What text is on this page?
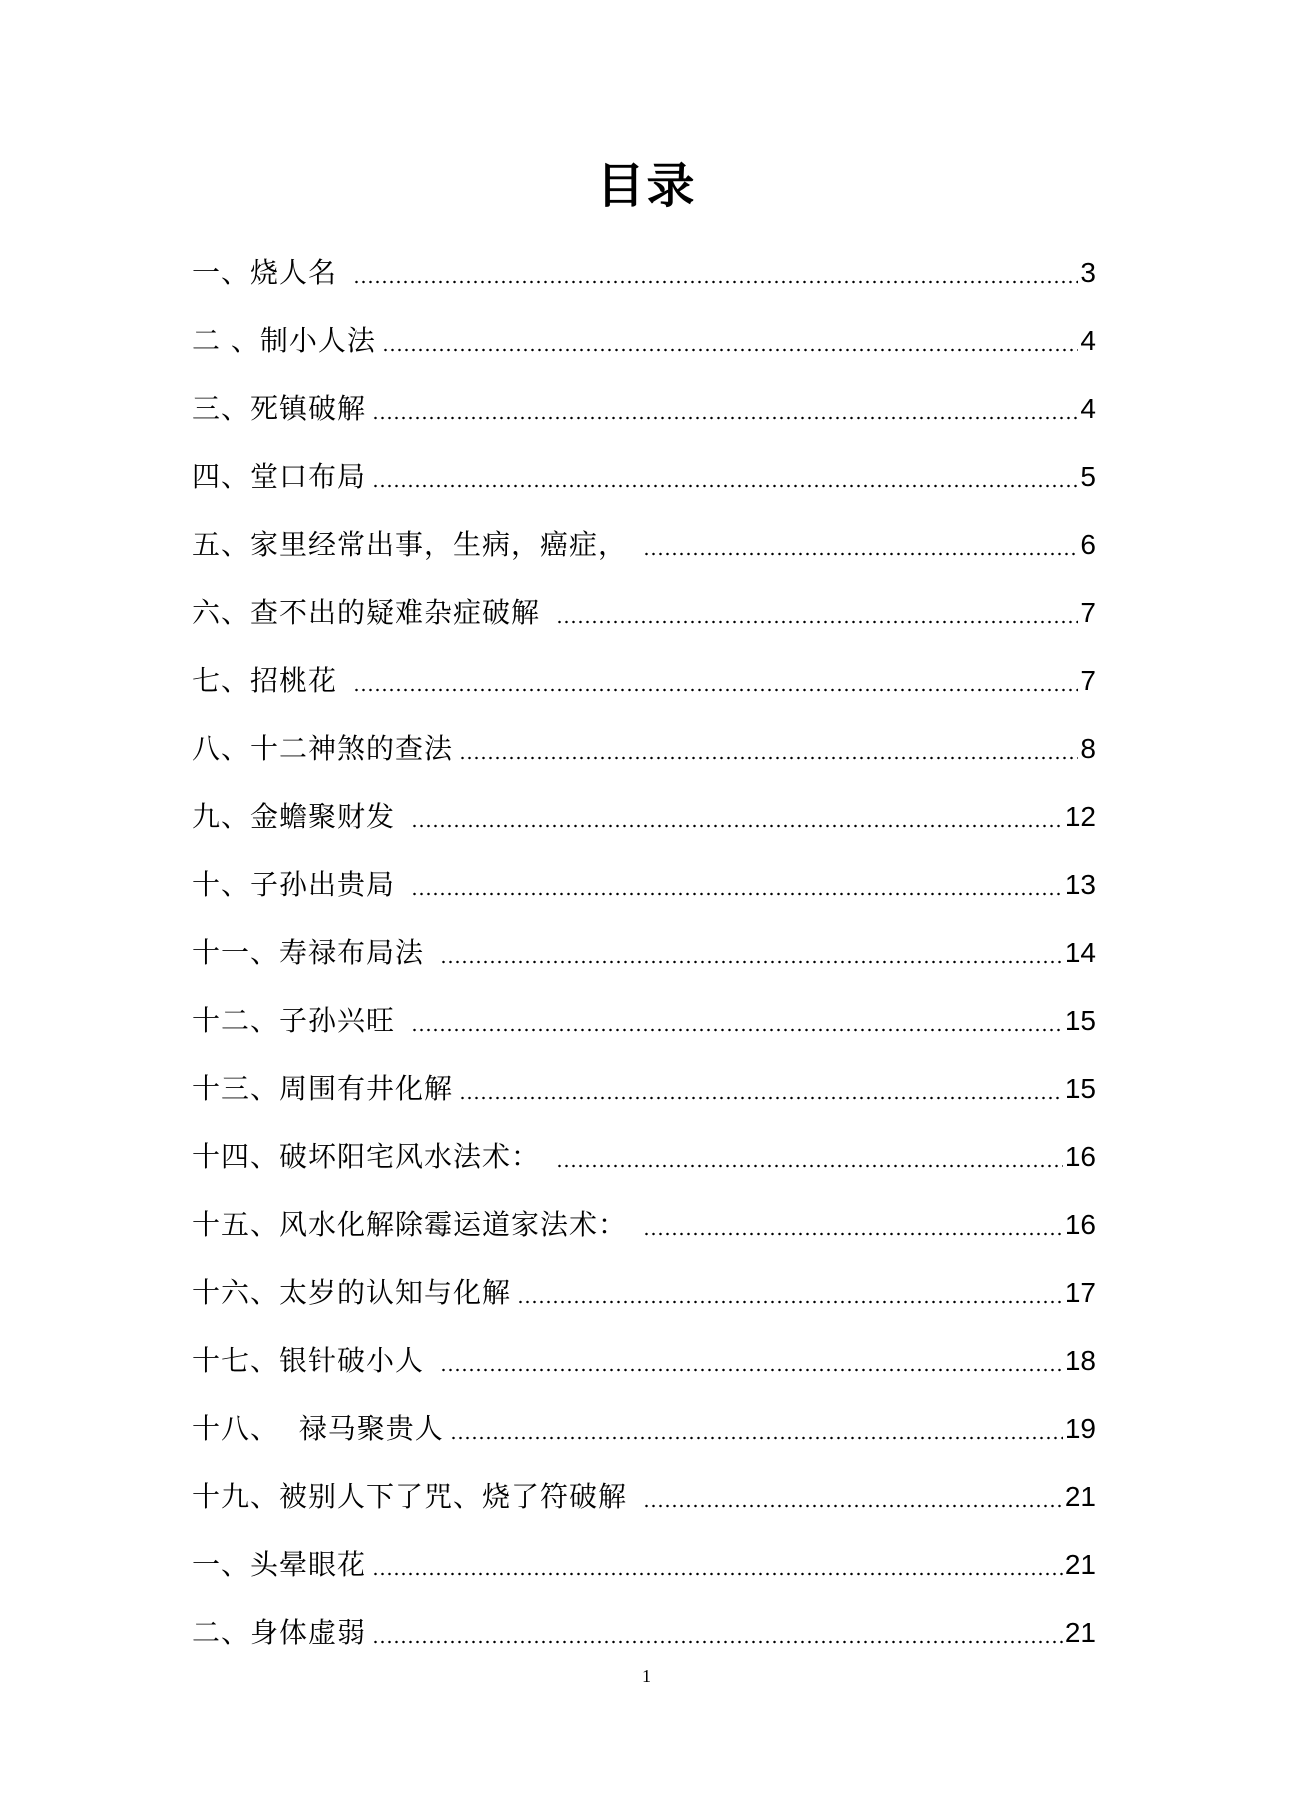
目录
一、烧人名	3
二 、制小人法	4
三、死镇破解	4
四、堂口布局	5
五、家里经常出事，生病，癌症，	6
六、查不出的疑难杂症破解	7
七、招桃花	7
八、十二神煞的查法	8
九、金蟾聚财发	12
十、子孙出贵局	13
十一、寿禄布局法	14
十二、子孙兴旺	15
十三、周围有井化解	15
十四、破坏阳宅风水法术：	16
十五、风水化解除霉运道家法术：	16
十六、太岁的认知与化解	17
十七、银针破小人	18
十八、  禄马聚贵人	19
十九、被别人下了咒、烧了符破解	21
一、头晕眼花	21
二、身体虚弱	21
1
